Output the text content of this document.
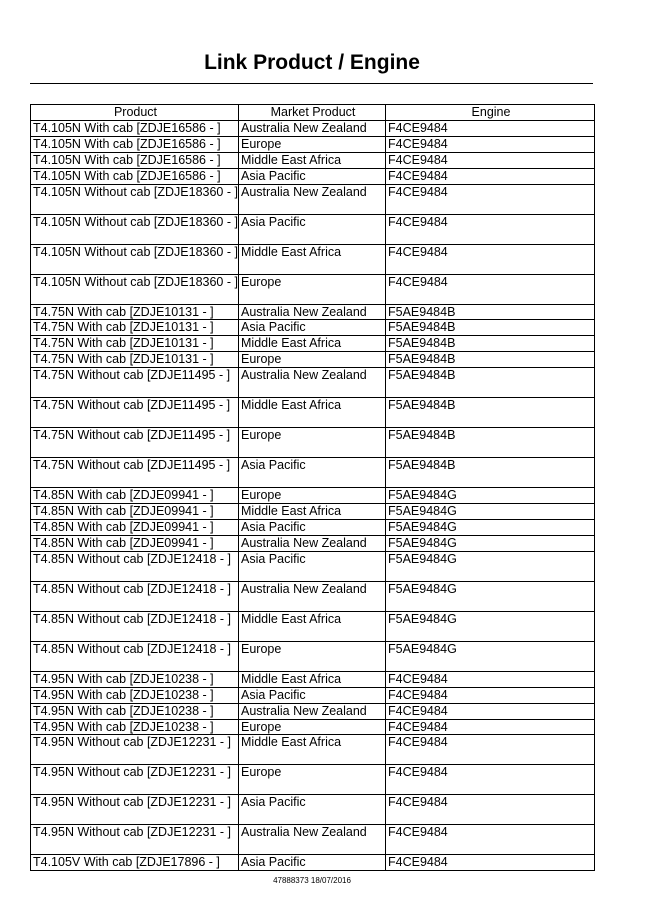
Link Product / Engine
Product	Market Product	Engine
T4.105N With cab [ZDJE16586 - ]	Australia New Zealand	F4CE9484
T4.105N With cab [ZDJE16586 - ]	Europe	F4CE9484
T4.105N With cab [ZDJE16586 - ]	Middle East Africa	F4CE9484
T4.105N With cab [ZDJE16586 - ]	Asia Pacific	F4CE9484
T4.105N Without cab [ZDJE18360 - ]	Australia New Zealand	F4CE9484
T4.105N Without cab [ZDJE18360 - ]	Asia Pacific	F4CE9484
T4.105N Without cab [ZDJE18360 - ]	Middle East Africa	F4CE9484
T4.105N Without cab [ZDJE18360 - ]	Europe	F4CE9484
T4.75N With cab [ZDJE10131 - ]	Australia New Zealand	F5AE9484B
T4.75N With cab [ZDJE10131 - ]	Asia Pacific	F5AE9484B
T4.75N With cab [ZDJE10131 - ]	Middle East Africa	F5AE9484B
T4.75N With cab [ZDJE10131 - ]	Europe	F5AE9484B
T4.75N Without cab [ZDJE11495 - ]	Australia New Zealand	F5AE9484B
T4.75N Without cab [ZDJE11495 - ]	Middle East Africa	F5AE9484B
T4.75N Without cab [ZDJE11495 - ]	Europe	F5AE9484B
T4.75N Without cab [ZDJE11495 - ]	Asia Pacific	F5AE9484B
T4.85N With cab [ZDJE09941 - ]	Europe	F5AE9484G
T4.85N With cab [ZDJE09941 - ]	Middle East Africa	F5AE9484G
T4.85N With cab [ZDJE09941 - ]	Asia Pacific	F5AE9484G
T4.85N With cab [ZDJE09941 - ]	Australia New Zealand	F5AE9484G
T4.85N Without cab [ZDJE12418 - ]	Asia Pacific	F5AE9484G
T4.85N Without cab [ZDJE12418 - ]	Australia New Zealand	F5AE9484G
T4.85N Without cab [ZDJE12418 - ]	Middle East Africa	F5AE9484G
T4.85N Without cab [ZDJE12418 - ]	Europe	F5AE9484G
T4.95N With cab [ZDJE10238 - ]	Middle East Africa	F4CE9484
T4.95N With cab [ZDJE10238 - ]	Asia Pacific	F4CE9484
T4.95N With cab [ZDJE10238 - ]	Australia New Zealand	F4CE9484
T4.95N With cab [ZDJE10238 - ]	Europe	F4CE9484
T4.95N Without cab [ZDJE12231 - ]	Middle East Africa	F4CE9484
T4.95N Without cab [ZDJE12231 - ]	Europe	F4CE9484
T4.95N Without cab [ZDJE12231 - ]	Asia Pacific	F4CE9484
T4.95N Without cab [ZDJE12231 - ]	Australia New Zealand	F4CE9484
T4.105V With cab [ZDJE17896 - ]	Asia Pacific	F4CE9484
47888373 18/07/2016
